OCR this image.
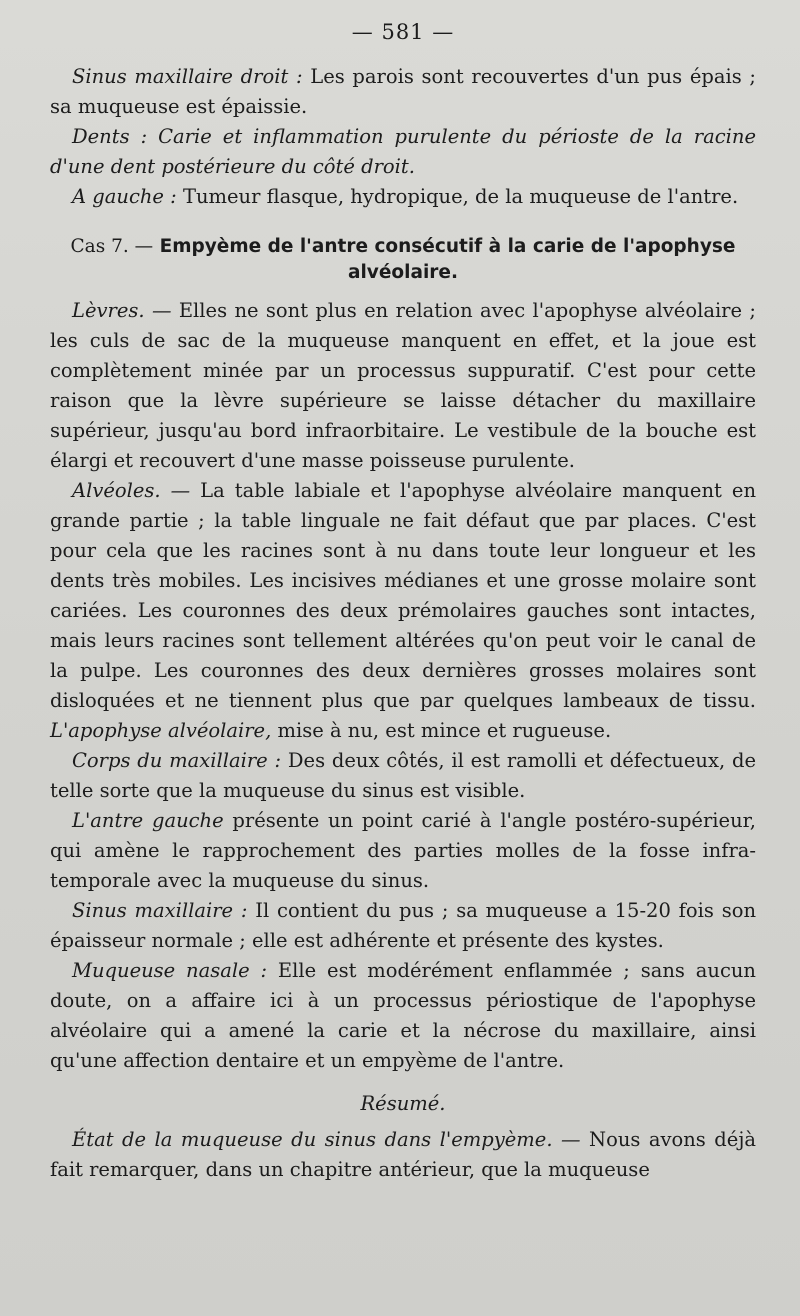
— 581 —

Sinus maxillaire droit : Les parois sont recouvertes d'un pus épais ; sa muqueuse est épaissie.

Dents : Carie et inflammation purulente du périoste de la racine d'une dent postérieure du côté droit.

A gauche : Tumeur flasque, hydropique, de la muqueuse de l'antre.

Cas 7. — Empyème de l'antre consécutif à la carie de l'apophyse alvéolaire.

Lèvres. — Elles ne sont plus en relation avec l'apophyse alvéolaire ; les culs de sac de la muqueuse manquent en effet, et la joue est complètement minée par un processus suppuratif. C'est pour cette raison que la lèvre supérieure se laisse détacher du maxillaire supérieur, jusqu'au bord infraorbitaire. Le vestibule de la bouche est élargi et recouvert d'une masse poisseuse purulente.

Alvéoles. — La table labiale et l'apophyse alvéolaire manquent en grande partie ; la table linguale ne fait défaut que par places. C'est pour cela que les racines sont à nu dans toute leur longueur et les dents très mobiles. Les incisives médianes et une grosse molaire sont cariées. Les couronnes des deux prémolaires gauches sont intactes, mais leurs racines sont tellement altérées qu'on peut voir le canal de la pulpe. Les couronnes des deux dernières grosses molaires sont disloquées et ne tiennent plus que par quelques lambeaux de tissu. L'apophyse alvéolaire, mise à nu, est mince et rugueuse.

Corps du maxillaire : Des deux côtés, il est ramolli et défectueux, de telle sorte que la muqueuse du sinus est visible.

L'antre gauche présente un point carié à l'angle postéro-supérieur, qui amène le rapprochement des parties molles de la fosse infra-temporale avec la muqueuse du sinus.

Sinus maxillaire : Il contient du pus ; sa muqueuse a 15-20 fois son épaisseur normale ; elle est adhérente et présente des kystes.

Muqueuse nasale : Elle est modérément enflammée ; sans aucun doute, on a affaire ici à un processus périostique de l'apophyse alvéolaire qui a amené la carie et la nécrose du maxillaire, ainsi qu'une affection dentaire et un empyème de l'antre.

Résumé.

État de la muqueuse du sinus dans l'empyème. — Nous avons déjà fait remarquer, dans un chapitre antérieur, que la muqueuse
